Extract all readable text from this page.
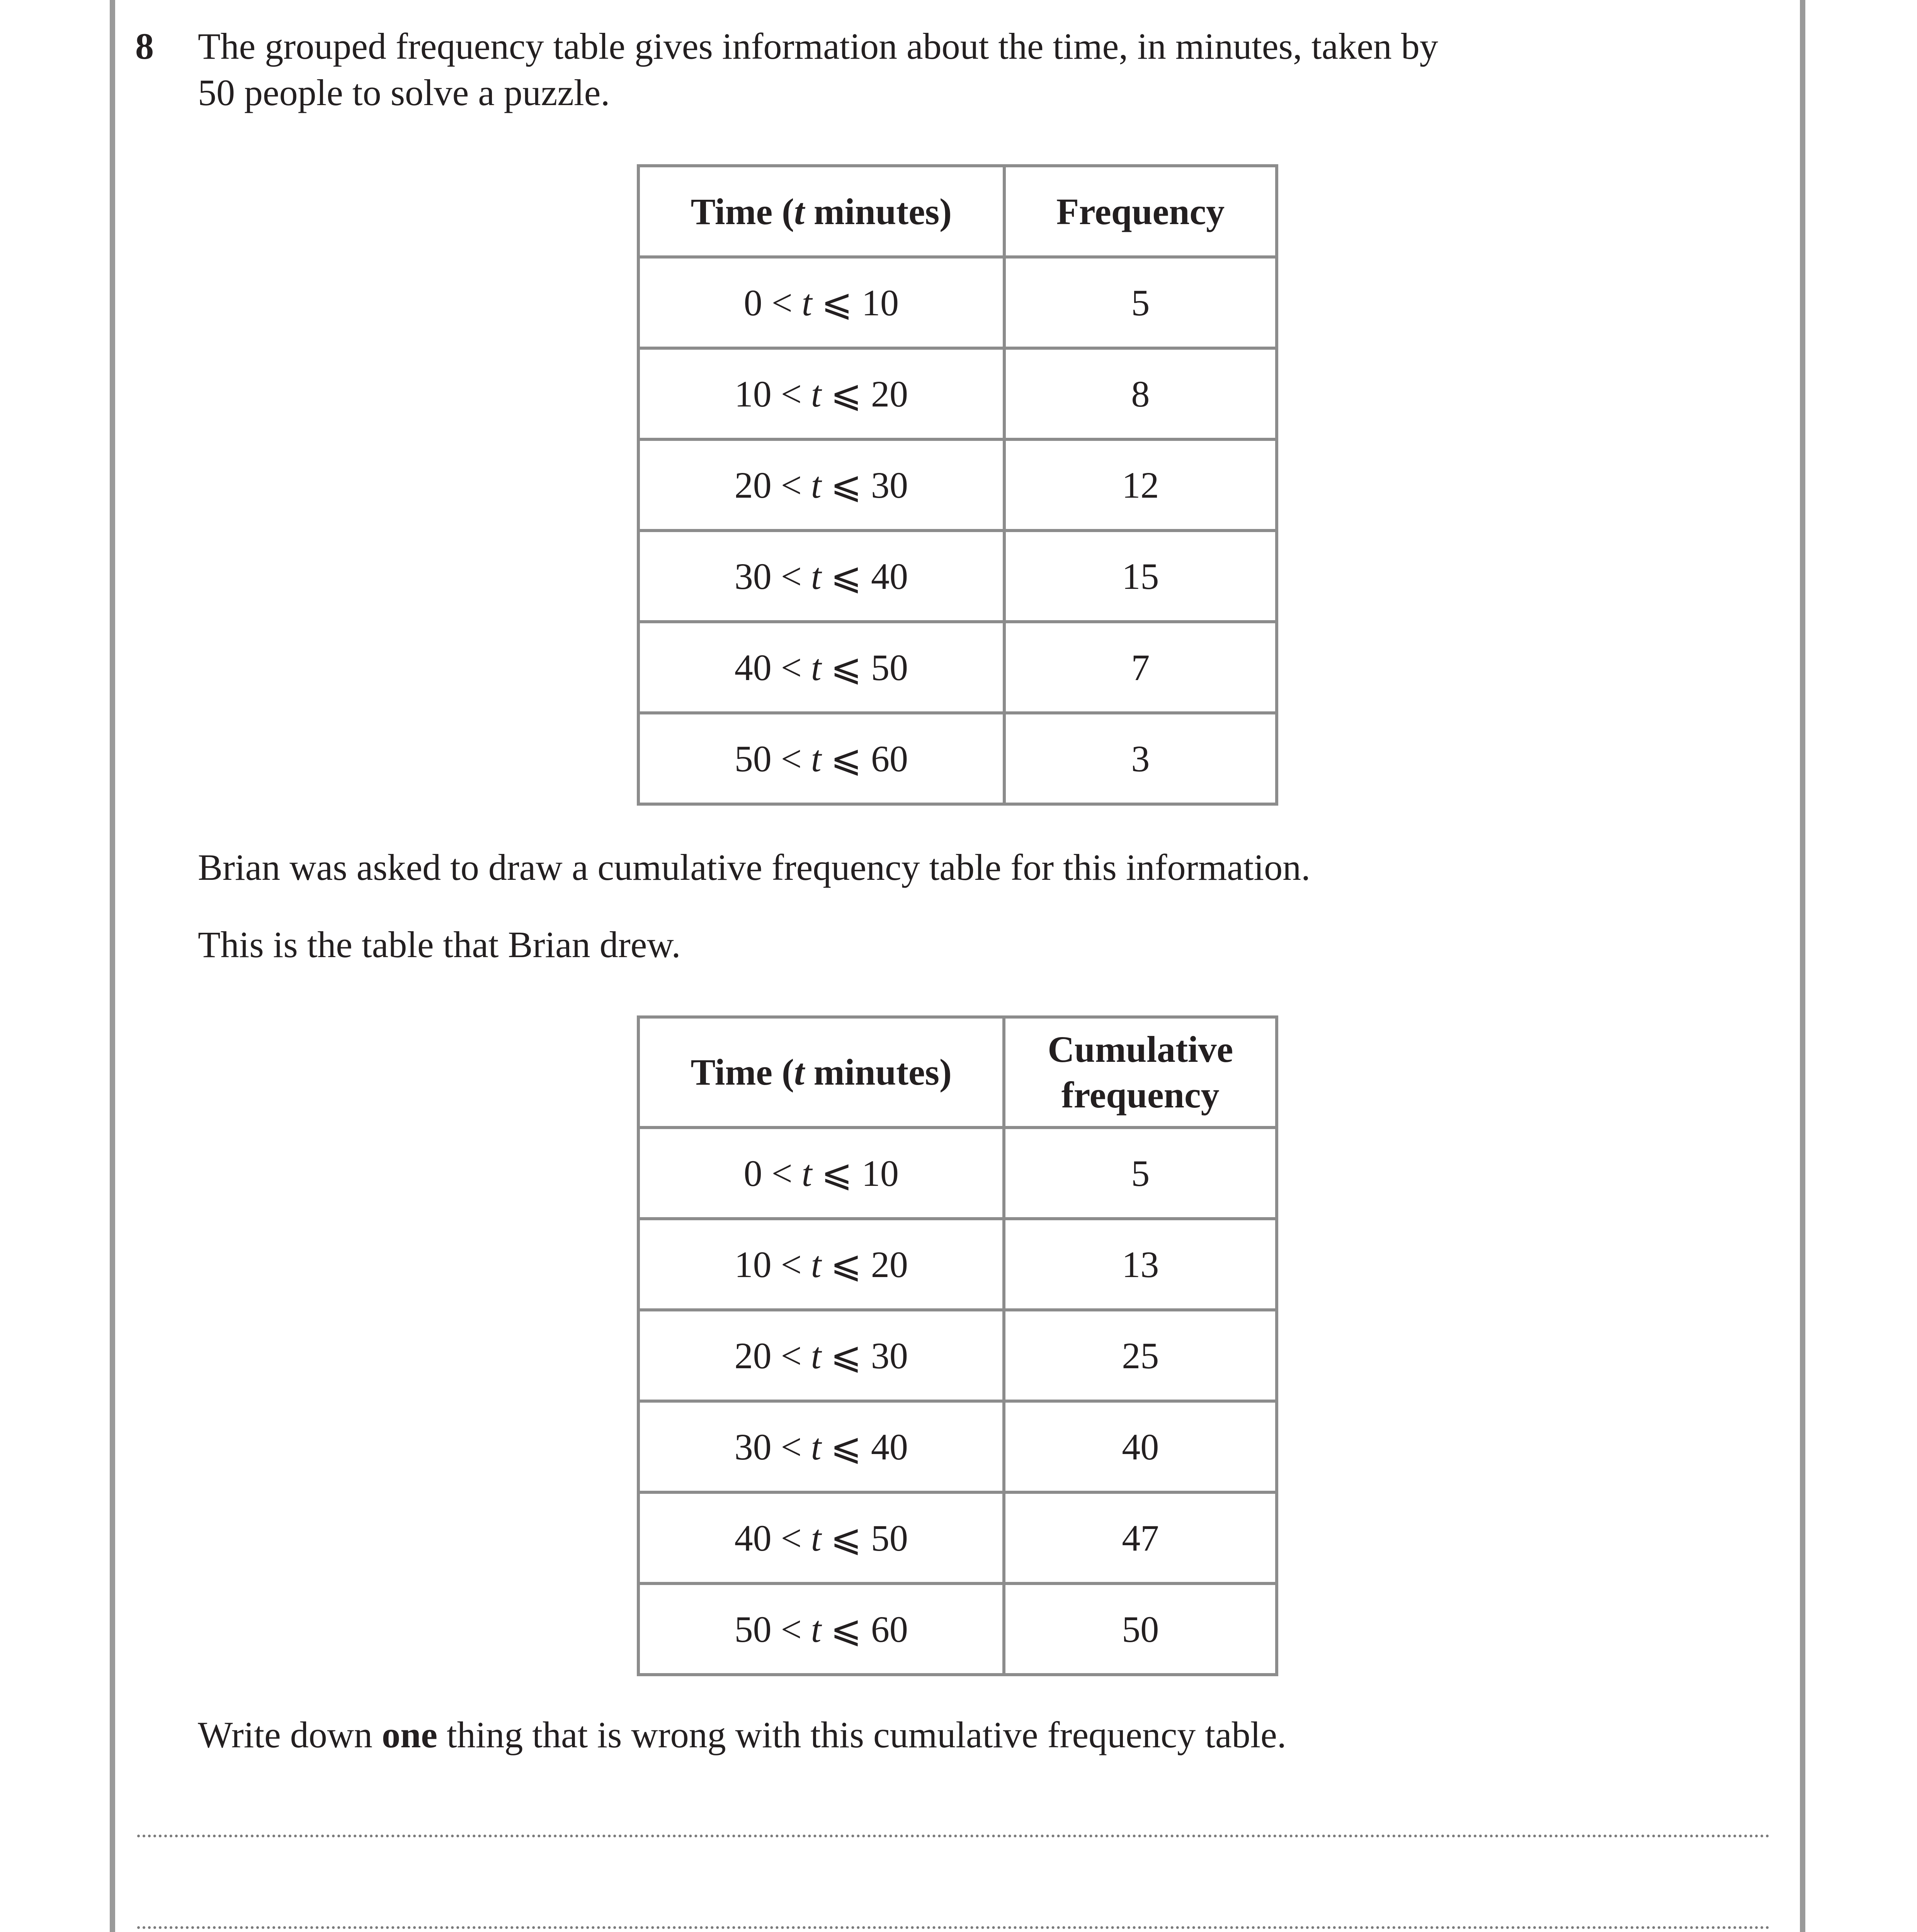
8 The grouped frequency table gives information about the time, in minutes, taken by
50 people to solve a puzzle.
Time (t minutes)	Frequency
0 < t ⩽ 10	5
10 < t ⩽ 20	8
20 < t ⩽ 30	12
30 < t ⩽ 40	15
40 < t ⩽ 50	7
50 < t ⩽ 60	3
Brian was asked to draw a cumulative frequency table for this information.
This is the table that Brian drew.
Time (t minutes)	Cumulative
frequency
0 < t ⩽ 10	5
10 < t ⩽ 20	13
20 < t ⩽ 30	25
30 < t ⩽ 40	40
40 < t ⩽ 50	47
50 < t ⩽ 60	50
Write down one thing that is wrong with this cumulative frequency table.
